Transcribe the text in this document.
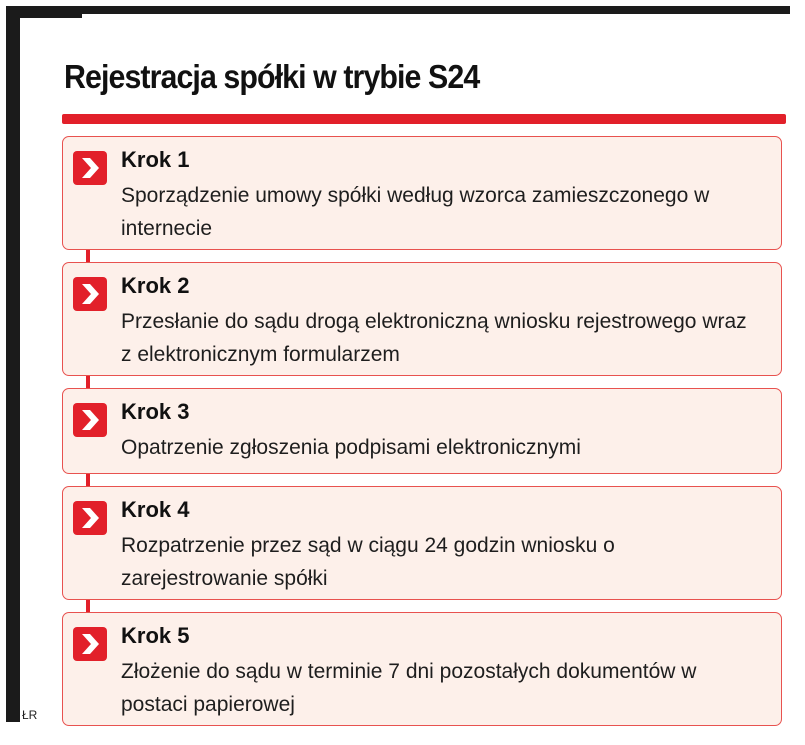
Rejestracja spółki w trybie S24
Krok 1
Sporządzenie umowy spółki według wzorca zamieszczonego w internecie
Krok 2
Przesłanie do sądu drogą elektroniczną wniosku rejestrowego wraz z elektronicznym formularzem
Krok 3
Opatrzenie zgłoszenia podpisami elektronicznymi
Krok 4
Rozpatrzenie przez sąd w ciągu 24 godzin wniosku o zarejestrowanie spółki
Krok 5
Złożenie do sądu w terminie 7 dni pozostałych dokumentów w postaci papierowej
ŁR
